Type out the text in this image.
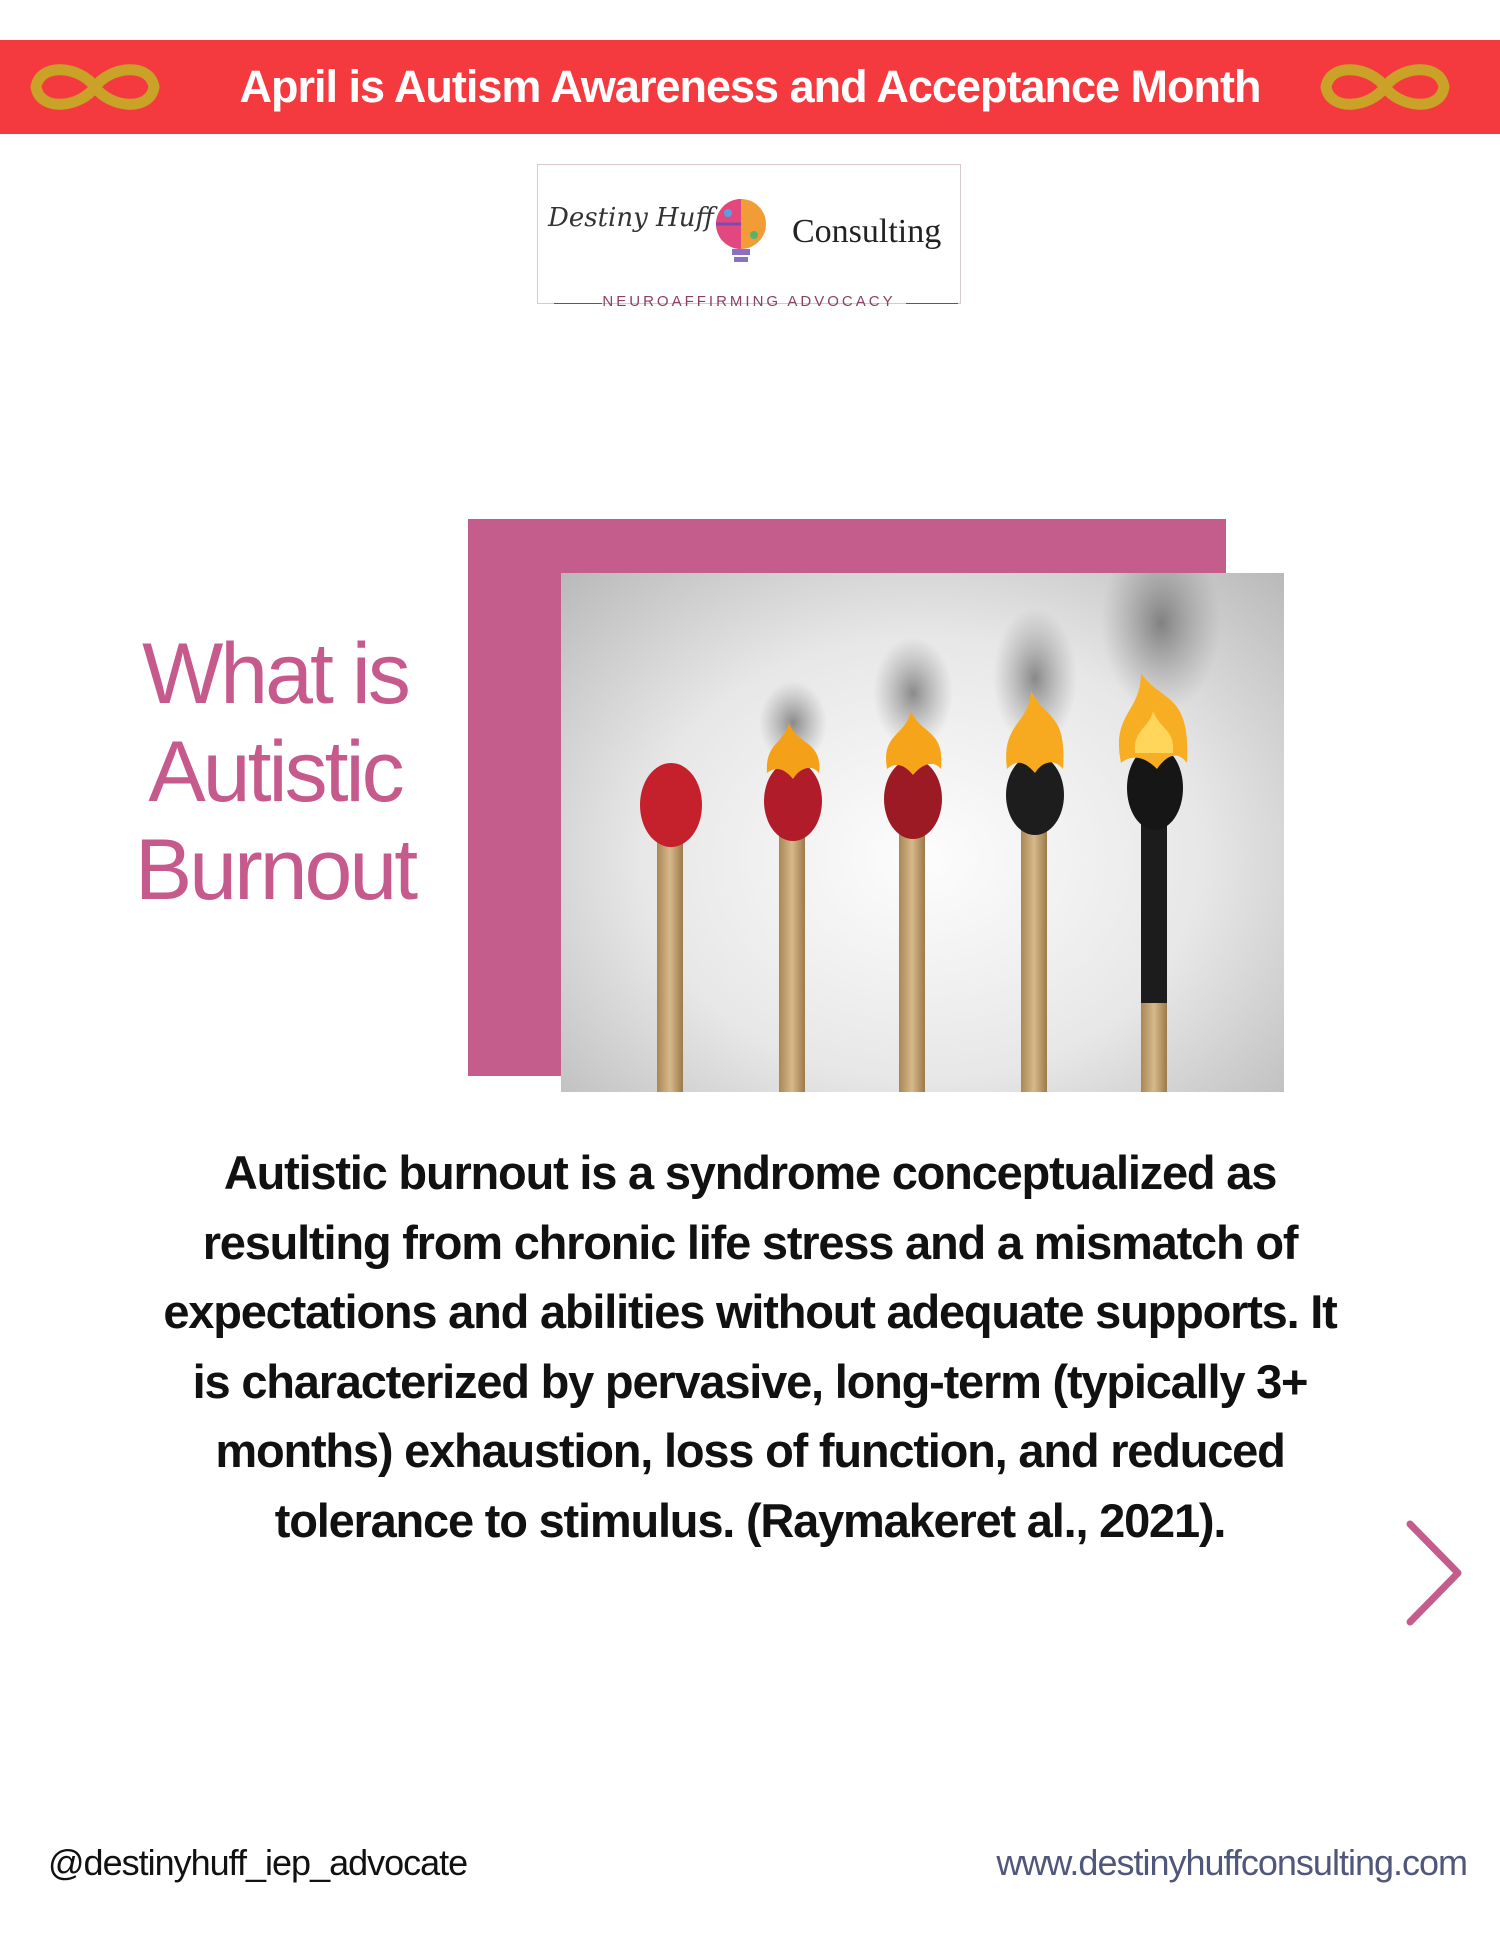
April is Autism Awareness and Acceptance Month
Destiny Huff Consulting
NEUROAFFIRMING ADVOCACY
What is
Autistic
Burnout
Autistic burnout is a syndrome conceptualized as
resulting from chronic life stress and a mismatch of
expectations and abilities without adequate supports. It
is characterized by pervasive, long-term (typically 3+
months) exhaustion, loss of function, and reduced
tolerance to stimulus. (Raymakeret al., 2021).
@destinyhuff_iep_advocate	www.destinyhuffconsulting.com
